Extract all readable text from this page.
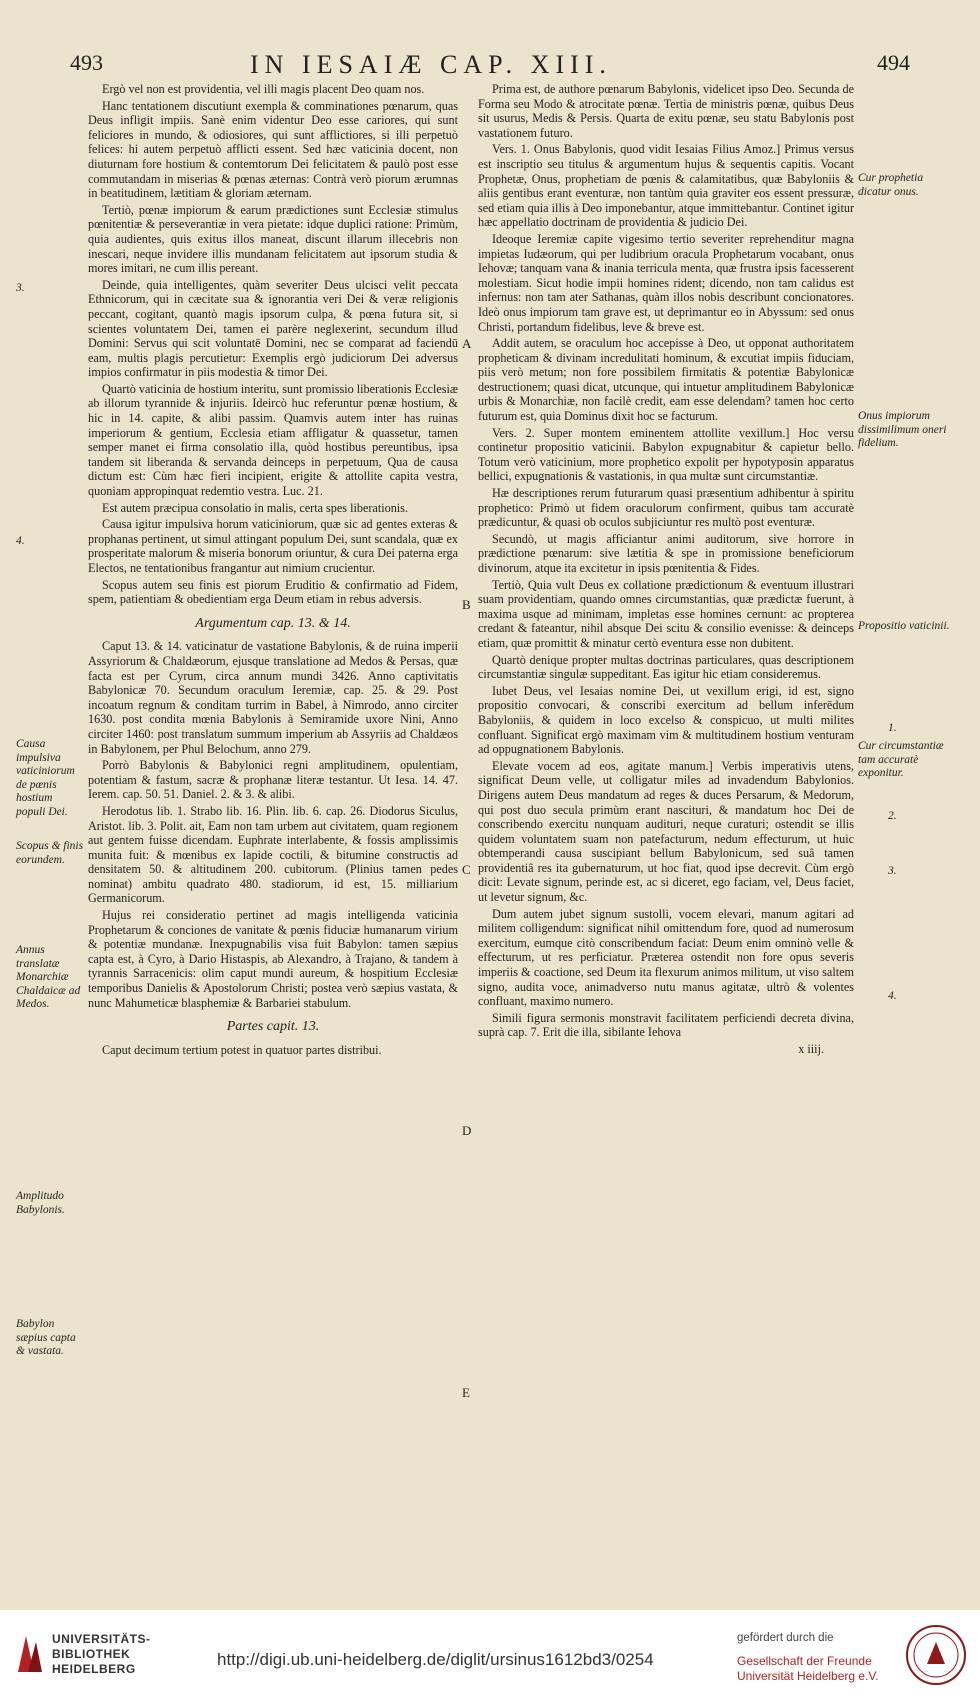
493	IN IESAIÆ CAP. XIII.	494

Ergò vel non est providentia, vel illi magis placent Deo quam nos.

Hanc tentationem discutiunt exempla & comminationes pœnarum, quas Deus infligit impiis. Sanè enim videntur Deo esse cariores, qui sunt feliciores in mundo, & odiosiores, qui sunt afflictiores, si illi perpetuò felices: hi autem perpetuò afflicti essent. Sed hæc vaticinia docent, non diuturnam fore hostium & contemtorum Dei felicitatem & paulò post esse commutandam in miserias & pœnas æternas: Contrà verò piorum ærumnas in beatitudinem, lætitiam & gloriam æternam.

Tertiò, pœnæ impiorum & earum prædictiones sunt Ecclesiæ stimulus pœnitentiæ & perseverantiæ in vera pietate: idque duplici ratione: Primùm, quia audientes, quis exitus illos maneat, discunt illarum illecebris non inescari, neque invidere illis mundanam felicitatem aut ipsorum studia & mores imitari, ne cum illis pereant.

Deinde, quia intelligentes, quàm severiter Deus ulcisci velit peccata Ethnicorum, qui in cæcitate sua & ignorantia veri Dei & veræ religionis peccant, cogitant, quantò magis ipsorum culpa, & pœna futura sit, si scientes voluntatem Dei, tamen ei parère neglexerint, secundum illud Domini: Servus qui scit voluntatē Domini, nec se comparat ad faciendū eam, multis plagis percutietur: Exemplis ergò judiciorum Dei adversus impios confirmatur in piis modestia & timor Dei.

Quartò vaticinia de hostium interitu, sunt promissio liberationis Ecclesiæ ab illorum tyrannide & injuriis. Ideircò huc referuntur pœnæ hostium, & hic in 14. capite, & alibi passim. Quamvis autem inter has ruinas imperiorum & gentium, Ecclesia etiam affligatur & quassetur, tamen semper manet ei firma consolatio illa, quòd hostibus pereuntibus, ipsa tandem sit liberanda & servanda deinceps in perpetuum, Qua de causa dictum est: Cùm hæc fieri incipient, erigite & attollite capita vestra, quoniam appropinquat redemtio vestra. Luc. 21.

Est autem præcipua consolatio in malis, certa spes liberationis.

Causa igitur impulsiva horum vaticiniorum, quæ sic ad gentes exteras & prophanas pertinent, ut simul attingant populum Dei, sunt scandala, quæ ex prosperitate malorum & miseria bonorum oriuntur, & cura Dei paterna erga Electos, ne tentationibus frangantur aut nimium crucientur.

Scopus autem seu finis est piorum Eruditio & confirmatio ad Fidem, spem, patientiam & obedientiam erga Deum etiam in rebus adversis.

Argumentum cap. 13. & 14.

Caput 13. & 14. vaticinatur de vastatione Babylonis, & de ruina imperii Assyriorum & Chaldæorum, ejusque translatione ad Medos & Persas, quæ facta est per Cyrum, circa annum mundi 3426. Anno captivitatis Babylonicæ 70. Secundum oraculum Ieremiæ, cap. 25. & 29. Post incoatum regnum & conditam turrim in Babel, à Nimrodo, anno circiter 1630. post condita mœnia Babylonis à Semiramide uxore Nini, Anno circiter 1460: post translatum summum imperium ab Assyriis ad Chaldæos in Babylonem, per Phul Belochum, anno 279.

Porrò Babylonis & Babylonici regni amplitudinem, opulentiam, potentiam & fastum, sacræ & prophanæ literæ testantur. Ut Iesa. 14. 47. Ierem. cap. 50. 51. Daniel. 2. & 3. & alibi.

Herodotus lib. 1. Strabo lib. 16. Plin. lib. 6. cap. 26. Diodorus Siculus, Aristot. lib. 3. Polit. ait, Eam non tam urbem aut civitatem, quam regionem aut gentem fuisse dicendam. Euphrate interlabente, & fossis amplissimis munita fuit: & mœnibus ex lapide coctili, & bitumine constructis ad densitatem 50. & altitudinem 200. cubitorum. (Plinius tamen pedes nominat) ambitu quadrato 480. stadiorum, id est, 15. milliarium Germanicorum.

Hujus rei consideratio pertinet ad magis intelligenda vaticinia Prophetarum & conciones de vanitate & pœnis fiduciæ humanarum virium & potentiæ mundanæ. Inexpugnabilis visa fuit Babylon: tamen sæpius capta est, à Cyro, à Dario Histaspis, ab Alexandro, à Trajano, & tandem à tyrannis Sarracenicis: olim caput mundi aureum, & hospitium Ecclesiæ temporibus Danielis & Apostolorum Christi; postea verò sæpius vastata, & nunc Mahumeticæ blasphemiæ & Barbariei stabulum.

Partes capit. 13.

Caput decimum tertium potest in quatuor partes distribui.

Prima est, de authore pœnarum Babylonis, videlicet ipso Deo. Secunda de Forma seu Modo & atrocitate pœnæ. Tertia de ministris pœnæ, quibus Deus sit usurus, Medis & Persis. Quarta de exitu pœnæ, seu statu Babylonis post vastationem futuro.

Vers. 1. Onus Babylonis, quod vidit Iesaias Filius Amoz.] Primus versus est inscriptio seu titulus & argumentum hujus & sequentis capitis. Vocant Prophetæ, Onus, prophetiam de pœnis & calamitatibus, quæ Babyloniis & aliis gentibus erant eventuræ, non tantùm quia graviter eos essent pressuræ, sed etiam quia illis à Deo imponebantur, atque immittebantur. Continet igitur hæc appellatio doctrinam de providentia & judicio Dei.

Ideoque Ieremiæ capite vigesimo tertio severiter reprehenditur magna impietas Iudæorum, qui per ludibrium oracula Prophetarum vocabant, onus Iehovæ; tanquam vana & inania terricula menta, quæ frustra ipsis facesserent molestiam. Sicut hodie impii homines rident; dicendo, non tam calidus est infernus: non tam ater Sathanas, quàm illos nobis describunt concionatores. Ideò onus impiorum tam grave est, ut deprimantur eo in Abyssum: sed onus Christi, portandum fidelibus, leve & breve est.

Addit autem, se oraculum hoc accepisse à Deo, ut opponat authoritatem propheticam & divinam incredulitati hominum, & excutiat impiis fiduciam, piis verò metum; non fore possibilem firmitatis & potentiæ Babylonicæ destructionem; quasi dicat, utcunque, qui intuetur amplitudinem Babylonicæ urbis & Monarchiæ, non facilè credit, eam esse delendam? tamen hoc certo futurum est, quia Dominus dixit hoc se facturum.

Vers. 2. Super montem eminentem attollite vexillum.] Hoc versu continetur propositio vaticinii. Babylon expugnabitur & capietur bello. Totum verò vaticinium, more prophetico expolit per hypotyposin apparatus bellici, expugnationis & vastationis, in qua multæ sunt circumstantiæ.

Hæ descriptiones rerum futurarum quasi præsentium adhibentur à spiritu prophetico: Primò ut fidem oraculorum confirment, quibus tam accuratè prædicuntur, & quasi ob oculos subjiciuntur res multò post eventuræ.

Secundò, ut magis afficiantur animi auditorum, sive horrore in prædictione pœnarum: sive lætitia & spe in promissione beneficiorum divinorum, atque ita excitetur in ipsis pœnitentia & Fides.

Tertiò, Quia vult Deus ex collatione prædictionum & eventuum illustrari suam providentiam, quando omnes circumstantias, quæ prædictæ fuerunt, à maxima usque ad minimam, impletas esse homines cernunt: ac propterea credant & fateantur, nihil absque Dei scitu & consilio evenisse: & deinceps etiam, quæ promittit & minatur certò eventura esse non dubitent.

Quartò denique propter multas doctrinas particulares, quas descriptionem circumstantiæ singulæ suppeditant. Eas igitur hic etiam consideremus.

Iubet Deus, vel Iesaias nomine Dei, ut vexillum erigi, id est, signo propositio convocari, & conscribi exercitum ad bellum inferēdum Babyloniis, & quidem in loco excelso & conspicuo, ut multi milites confluant. Significat ergò maximam vim & multitudinem hostium venturam ad oppugnationem Babylonis.

Elevate vocem ad eos, agitate manum.] Verbis imperativis utens, significat Deum velle, ut colligatur miles ad invadendum Babylonios. Dirigens autem Deus mandatum ad reges & duces Persarum, & Medorum, qui post duo secula primùm erant nascituri, & mandatum hoc Dei de conscribendo exercitu nunquam audituri, neque curaturi; ostendit se illis quidem voluntatem suam non patefacturum, nedum effecturum, ut huic obtemperandi causa suscipiant bellum Babylonicum, sed suâ tamen providentiâ res ita gubernaturum, ut hoc fiat, quod ipse decrevit. Cùm ergò dicit: Levate signum, perinde est, ac si diceret, ego faciam, vel, Deus faciet, ut levetur signum, &c.

Dum autem jubet signum sustolli, vocem elevari, manum agitari ad militem colligendum: significat nihil omittendum fore, quod ad numerosum exercitum, eumque citò conscribendum faciat: Deum enim omninò velle & effecturum, ut res perficiatur. Præterea ostendit non fore opus severis imperiis & coactione, sed Deum ita flexurum animos militum, ut viso saltem signo, audita voce, animadverso nutu manus agitatæ, ultrò & volentes confluant, maximo numero.

Simili figura sermonis monstravit facilitatem perficiendi decreta divina, suprà cap. 7. Erit die illa, sibilante Iehova

x iiij.

Causa impulsiva vaticiniorum de pœnis hostium populi Dei.
Scopus & finis eorundem.
Annus translatæ Monarchiæ Chaldaicæ ad Medos.
Amplitudo Babylonis.
Babylon sæpius capta & vastata.
3.
4.
Cur prophetia dicatur onus.
Onus impiorum dissimilimum oneri fidelium.
Propositio vaticinii.
Cur circumstantiæ tam accuratè exponitur.
1.
2.
3.
4.
A
B
C
D
E
UNIVERSITÄTS-
BIBLIOTHEK
HEIDELBERG	http://digi.ub.uni-heidelberg.de/diglit/ursinus1612bd3/0254
gefördert durch die
Gesellschaft der Freunde
Universität Heidelberg e.V.
